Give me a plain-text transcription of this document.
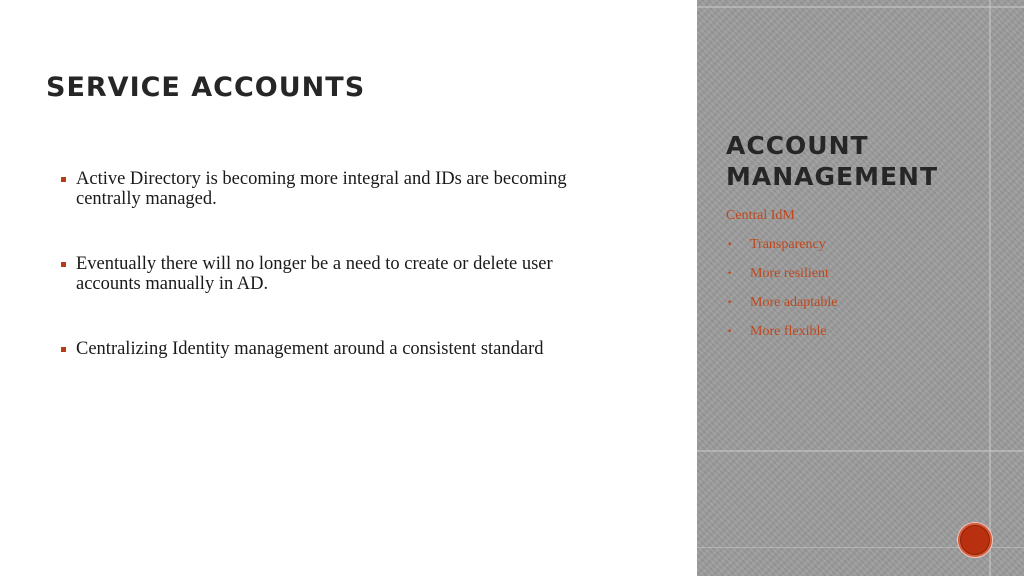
SERVICE ACCOUNTS
Active Directory is becoming more integral and IDs are becoming centrally managed.
Eventually there will no longer be a need to create or delete user accounts manually in AD.
Centralizing Identity management around a consistent standard
ACCOUNT
MANAGEMENT
Central IdM
• Transparency
• More resilient
• More adaptable
• More flexible
